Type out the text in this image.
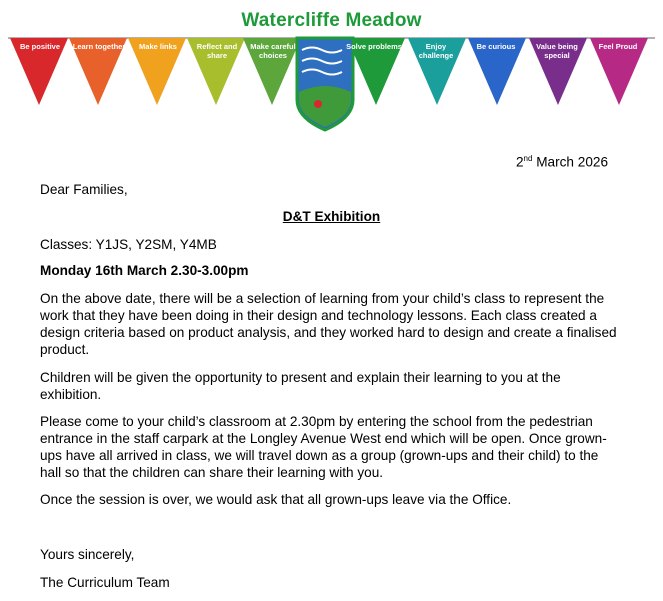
Watercliffe Meadow
Be positive	Learn together	Make links	Reflect and share
Make careful choices
Solve problems	Enjoy challenge
Be curious	Value being special
Feel Proud
2nd March 2026
Dear Families,
D&T Exhibition
Classes: Y1JS, Y2SM, Y4MB
Monday 16th March 2.30-3.00pm
On the above date, there will be a selection of learning from your child’s class to represent the work that they have been doing in their design and technology lessons. Each class created a design criteria based on product analysis, and they worked hard to design and create a finalised product.
Children will be given the opportunity to present and explain their learning to you at the exhibition.
Please come to your child’s classroom at 2.30pm by entering the school from the pedestrian entrance in the staff carpark at the Longley Avenue West end which will be open. Once grown-ups have all arrived in class, we will travel down as a group (grown-ups and their child) to the hall so that the children can share their learning with you.
Once the session is over, we would ask that all grown-ups leave via the Office.
Yours sincerely,
The Curriculum Team
